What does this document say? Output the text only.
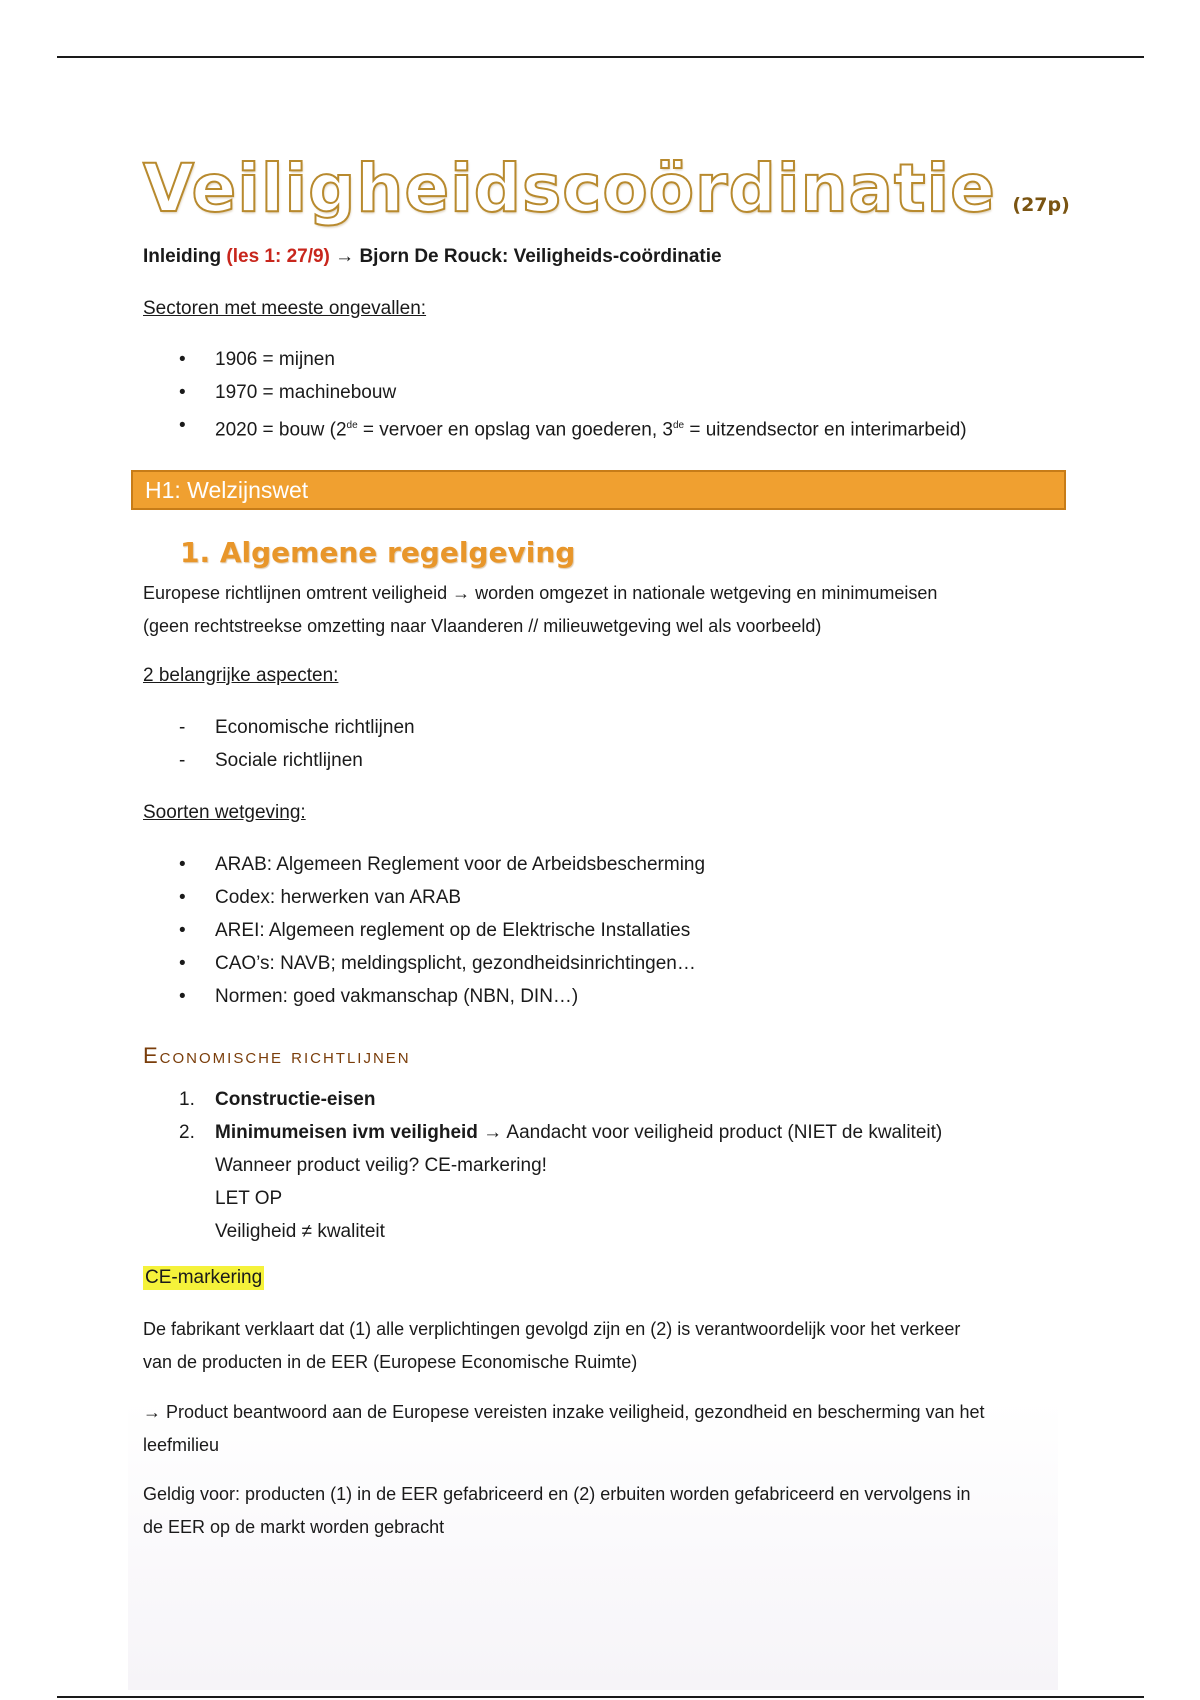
H1: Welzijnswet
Veiligheidscoördinatie (27p)
Inleiding (les 1: 27/9) → Bjorn De Rouck: Veiligheids-coördinatie
Sectoren met meeste ongevallen:
• 1906 = mijnen
• 1970 = machinebouw
• 2020 = bouw (2de = vervoer en opslag van goederen, 3de = uitzendsector en interimarbeid)
1. Algemene regelgeving
Europese richtlijnen omtrent veiligheid → worden omgezet in nationale wetgeving en minimumeisen
(geen rechtstreekse omzetting naar Vlaanderen // milieuwetgeving wel als voorbeeld)
2 belangrijke aspecten:
- Economische richtlijnen
- Sociale richtlijnen
Soorten wetgeving:
• ARAB: Algemeen Reglement voor de Arbeidsbescherming
• Codex: herwerken van ARAB
• AREI: Algemeen reglement op de Elektrische Installaties
• CAO’s: NAVB; meldingsplicht, gezondheidsinrichtingen…
• Normen: goed vakmanschap (NBN, DIN…)
Economische richtlijnen
1. Constructie-eisen
2. Minimumeisen ivm veiligheid → Aandacht voor veiligheid product (NIET de kwaliteit)
Wanneer product veilig? CE-markering!
LET OP
Veiligheid ≠ kwaliteit
CE-markering
De fabrikant verklaart dat (1) alle verplichtingen gevolgd zijn en (2) is verantwoordelijk voor het verkeer
van de producten in de EER (Europese Economische Ruimte)
→ Product beantwoord aan de Europese vereisten inzake veiligheid, gezondheid en bescherming van het
leefmilieu
Geldig voor: producten (1) in de EER gefabriceerd en (2) erbuiten worden gefabriceerd en vervolgens in
de EER op de markt worden gebracht
